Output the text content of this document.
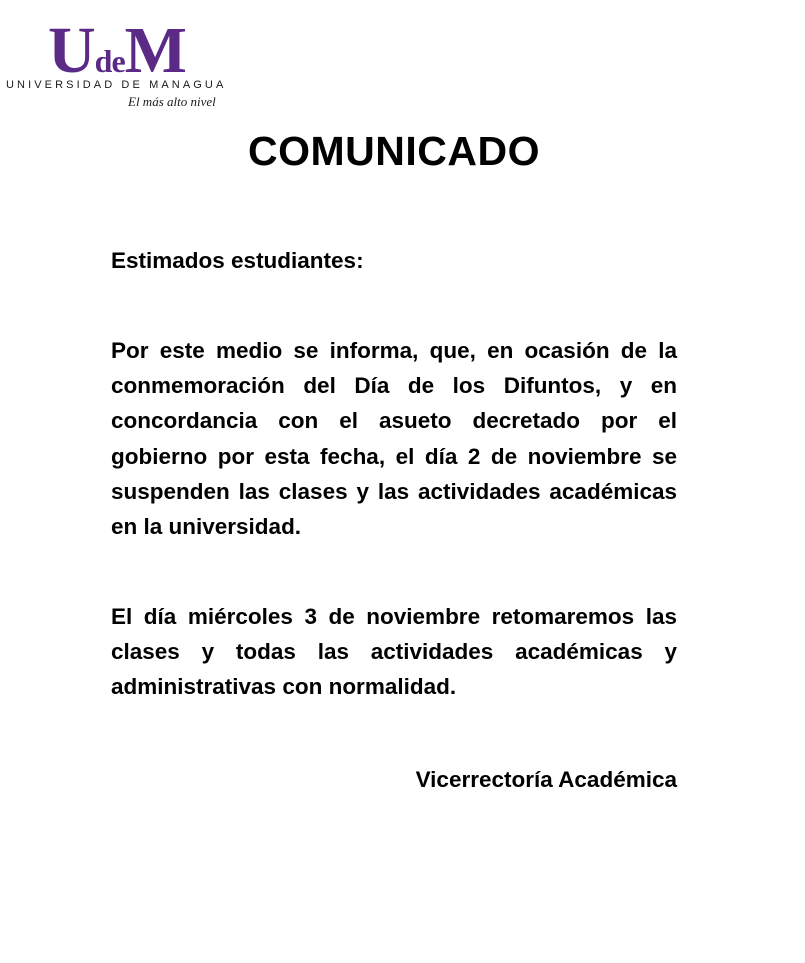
UdeM
UNIVERSIDAD DE MANAGUA
El más alto nivel
COMUNICADO
Estimados estudiantes:
Por este medio se informa, que, en ocasión de la conmemoración del Día de los Difuntos, y en concordancia con el asueto decretado por el gobierno por esta fecha, el día 2 de noviembre se suspenden las clases y las actividades académicas en la universidad.
El día miércoles 3 de noviembre retomaremos las clases y todas las actividades académicas y administrativas con normalidad.
Vicerrectoría Académica
